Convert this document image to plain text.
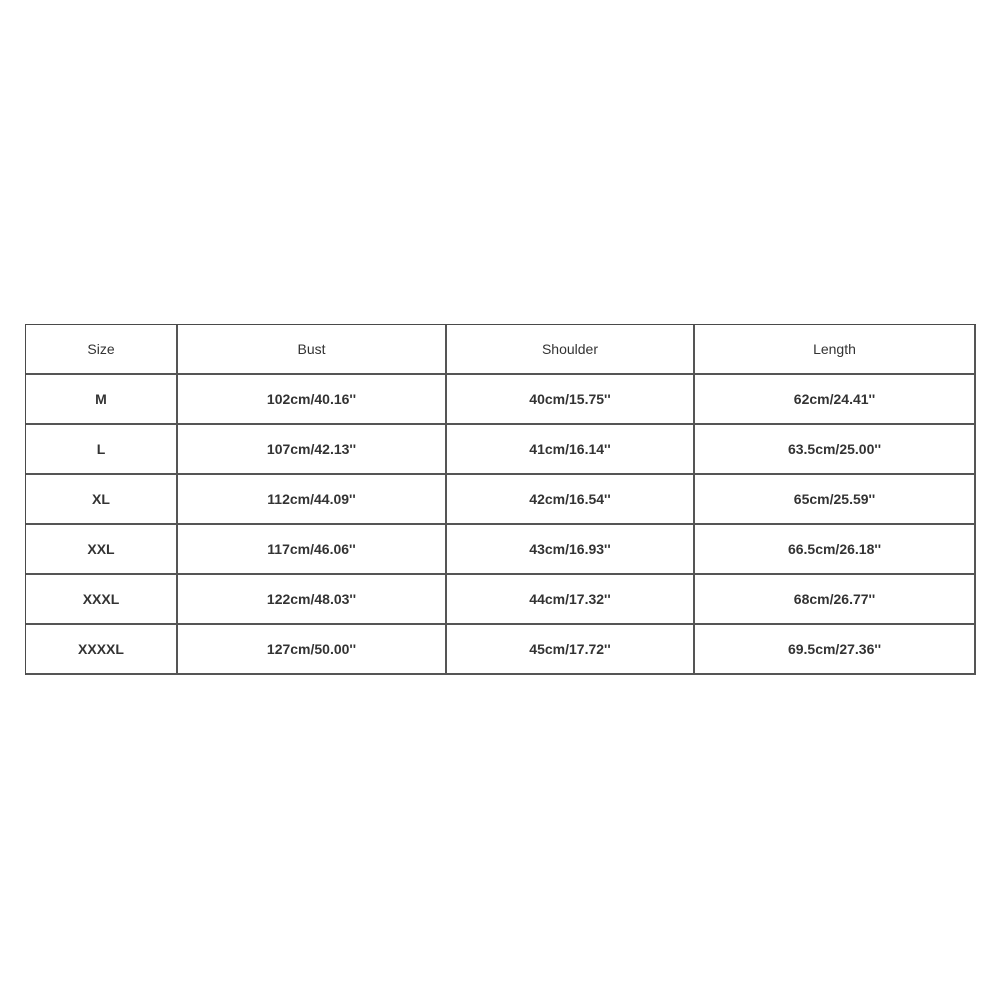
Size	Bust	Shoulder	Length
M	102cm/40.16''	40cm/15.75''	62cm/24.41''
L	107cm/42.13''	41cm/16.14''	63.5cm/25.00''
XL	112cm/44.09''	42cm/16.54''	65cm/25.59''
XXL	117cm/46.06''	43cm/16.93''	66.5cm/26.18''
XXXL	122cm/48.03''	44cm/17.32''	68cm/26.77''
XXXXL	127cm/50.00''	45cm/17.72''	69.5cm/27.36''
